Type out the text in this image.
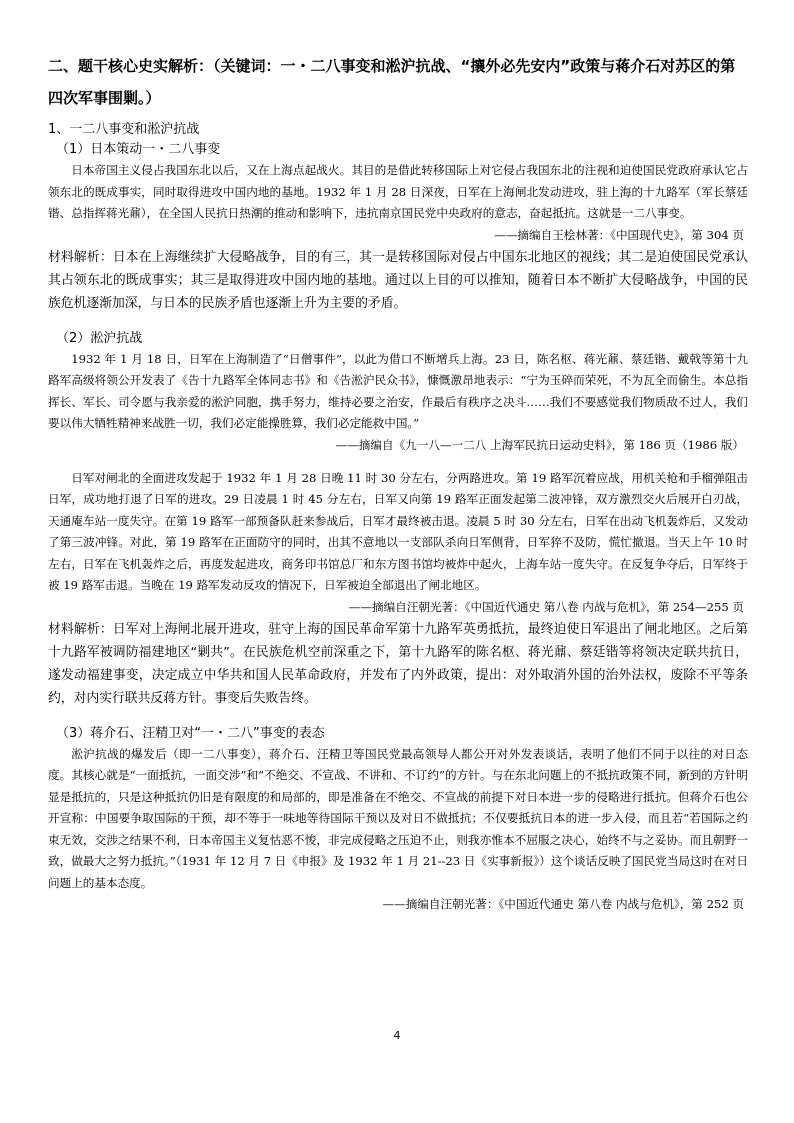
二、题干核心史实解析：（关键词：一・二八事变和淞沪抗战、“攘外必先安内”政策与蒋介石对苏区的第四次军事围剿。）

1、一二八事变和淞沪抗战

（1）日本策动一・二八事变

日本帝国主义侵占我国东北以后，又在上海点起战火。其目的是借此转移国际上对它侵占我国东北的注视和迫使国民党政府承认它占领东北的既成事实，同时取得进攻中国内地的基地。1932 年 1 月 28 日深夜，日军在上海闸北发动进攻，驻上海的十九路军（军长蔡廷锴、总指挥蒋光鼐），在全国人民抗日热潮的推动和影响下，违抗南京国民党中央政府的意志，奋起抵抗。这就是一二八事变。

——摘编自王桧林著：《中国现代史》，第 304 页

材料解析：日本在上海继续扩大侵略战争，目的有三，其一是转移国际对侵占中国东北地区的视线；其二是迫使国民党承认其占领东北的既成事实；其三是取得进攻中国内地的基地。通过以上目的可以推知，随着日本不断扩大侵略战争，中国的民族危机逐渐加深，与日本的民族矛盾也逐渐上升为主要的矛盾。

（2）淞沪抗战

1932 年 1 月 18 日，日军在上海制造了“日僧事件”，以此为借口不断增兵上海。23 日，陈名枢、蒋光鼐、蔡廷锴、戴戟等第十九路军高级将领公开发表了《告十九路军全体同志书》和《告淞沪民众书》，慷慨激昂地表示：“宁为玉碎而荣死，不为瓦全而偷生。本总指挥长、军长、司令愿与我亲爱的淞沪同胞，携手努力，维持必要之治安，作最后有秩序之决斗……我们不要感觉我们物质敌不过人，我们要以伟大牺牲精神来战胜一切，我们必定能操胜算，我们必定能救中国。”

——摘编自《九一八—一二八 上海军民抗日运动史料》，第 186 页（1986 版）

日军对闸北的全面进攻发起于 1932 年 1 月 28 日晚 11 时 30 分左右，分两路进攻。第 19 路军沉着应战，用机关枪和手榴弹阻击日军，成功地打退了日军的进攻。29 日凌晨 1 时 45 分左右，日军又向第 19 路军正面发起第二波冲锋，双方激烈交火后展开白刃战，天通庵车站一度失守。在第 19 路军一部预备队赶来参战后，日军才最终被击退。凌晨 5 时 30 分左右，日军在出动飞机轰炸后，又发动了第三波冲锋。对此，第 19 路军在正面防守的同时，出其不意地以一支部队杀向日军侧背，日军猝不及防，慌忙撤退。当天上午 10 时左右，日军在飞机轰炸之后，再度发起进攻，商务印书馆总厂和东方图书馆均被炸中起火，上海车站一度失守。在反复争夺后，日军终于被 19 路军击退。当晚在 19 路军发动反攻的情况下，日军被迫全部退出了闸北地区。

——摘编自汪朝光著：《中国近代通史 第八卷 内战与危机》，第 254—255 页

材料解析：日军对上海闸北展开进攻，驻守上海的国民革命军第十九路军英勇抵抗，最终迫使日军退出了闸北地区。之后第十九路军被调防福建地区“剿共”。在民族危机空前深重之下，第十九路军的陈名枢、蒋光鼐、蔡廷锴等将领决定联共抗日，遂发动福建事变，决定成立中华共和国人民革命政府，并发布了内外政策，提出：对外取消外国的治外法权，废除不平等条约，对内实行联共反蒋方针。事变后失败告终。

（3）蒋介石、汪精卫对“一・二八”事变的表态

淞沪抗战的爆发后（即一二八事变），蒋介石、汪精卫等国民党最高领导人都公开对外发表谈话，表明了他们不同于以往的对日态度。其核心就是“一面抵抗，一面交涉”和“不绝交、不宣战、不讲和、不订约”的方针。与在东北问题上的不抵抗政策不同，新到的方针明显是抵抗的，只是这种抵抗仍旧是有限度的和局部的，即是准备在不绝交、不宣战的前提下对日本进一步的侵略进行抵抗。但蒋介石也公开宣称：中国要争取国际的干预，却不等于一味地等待国际干预以及对日不做抵抗；不仅要抵抗日本的进一步入侵，而且若“若国际之约束无效，交涉之结果不利，日本帝国主义复怙恶不悛，非完成侵略之压迫不止，则我亦惟本不屈服之决心，始终不与之妥协。而且朝野一致，做最大之努力抵抗。”（1931 年 12 月 7 日《申报》及 1932 年 1 月 21--23 日《实事新报》）这个谈话反映了国民党当局这时在对日问题上的基本态度。

——摘编自汪朝光著：《中国近代通史 第八卷 内战与危机》，第 252 页

4
